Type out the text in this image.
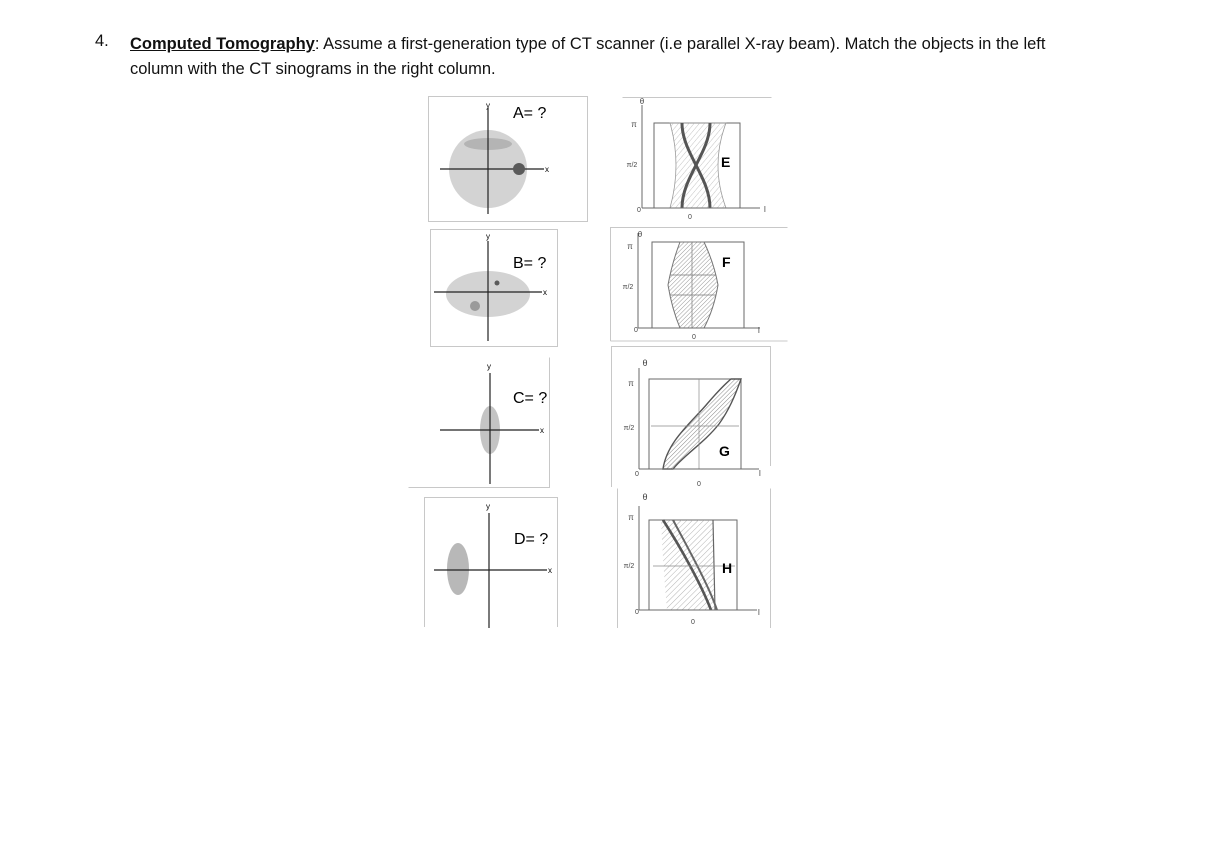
4. Computed Tomography: Assume a first-generation type of CT scanner (i.e parallel X-ray beam). Match the objects in the left column with the CT sinograms in the right column.
y
x
A= ?
y
x
B= ?
y
x
C= ?
y
x
D= ?
θ
π
π/2
0
0
l
E
θ
π
π/2
0
0
l
F
θ
π
π/2
0
0
l
G
θ
π
π/2
0
0
l
H
